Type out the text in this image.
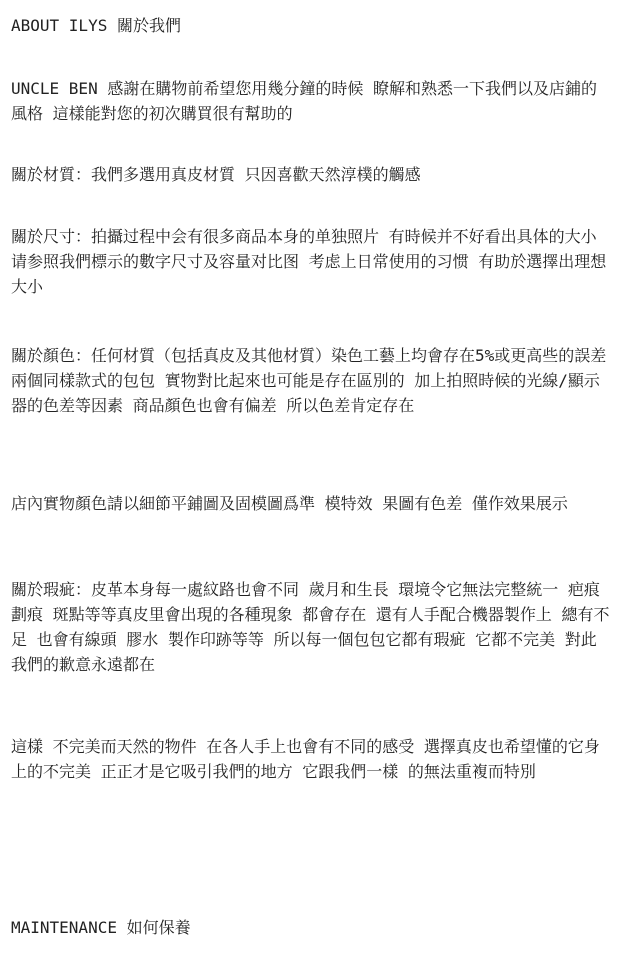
ABOUT ILYS 關於我們

UNCLE BEN 感謝在購物前希望您用幾分鐘的時候 瞭解和熟悉一下我們以及店鋪的風格 這樣能對您的初次購買很有幫助的

關於材質：我們多選用真皮材質 只因喜歡天然淳樸的觸感

關於尺寸：拍攝过程中会有很多商品本身的单独照片 有時候并不好看出具体的大小 请参照我們標示的數字尺寸及容量对比图 考虑上日常使用的习惯 有助於選擇出理想大小

關於顏色：任何材質（包括真皮及其他材質）染色工藝上均會存在5%或更高些的誤差 兩個同樣款式的包包 實物對比起來也可能是存在區別的 加上拍照時候的光線/顯示器的色差等因素 商品顏色也會有偏差 所以色差肯定存在

店內實物顏色請以細節平鋪圖及固模圖爲準 模特效 果圖有色差 僅作效果展示

關於瑕疵：皮革本身每一處紋路也會不同 歲月和生長 環境令它無法完整統一 疤痕 劃痕 斑點等等真皮里會出現的各種現象 都會存在 還有人手配合機器製作上 總有不足 也會有線頭 膠水 製作印跡等等 所以每一個包包它都有瑕疵 它都不完美 對此我們的歉意永遠都在

這樣 不完美而天然的物件 在各人手上也會有不同的感受 選擇真皮也希望懂的它身上的不完美 正正才是它吸引我們的地方 它跟我們一樣 的無法重複而特別

MAINTENANCE 如何保養
